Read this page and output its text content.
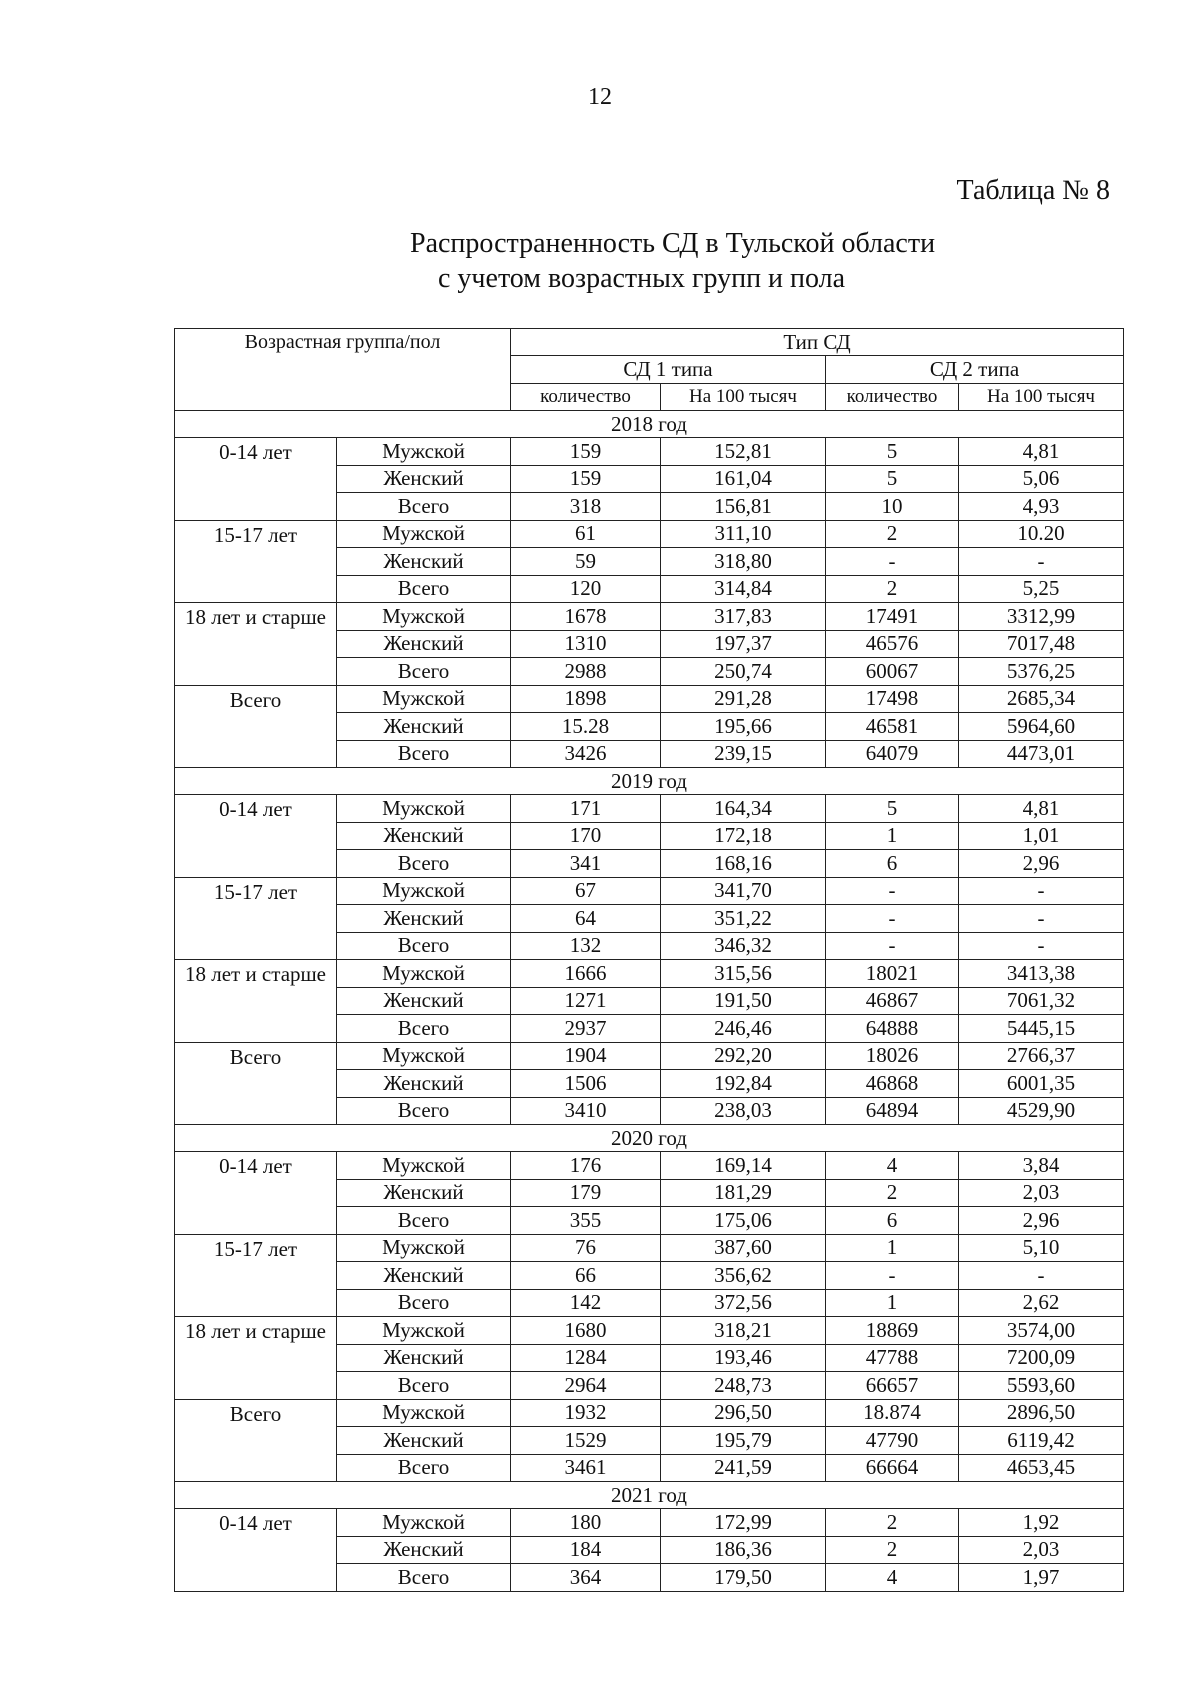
12
Таблица № 8
Распространенность СД в Тульской области
с учетом возрастных групп и пола
Возрастная группа/пол		Тип СД			
		СД 1 типа		СД 2 типа	
		количество	На 100 тысяч	количество	На 100 тысяч
2018 год					
0-14 лет	Мужской	159	152,81	5	4,81
	Женский	159	161,04	5	5,06
	Всего	318	156,81	10	4,93
15-17 лет	Мужской	61	311,10	2	10.20
	Женский	59	318,80	-	-
	Всего	120	314,84	2	5,25
18 лет и старше	Мужской	1678	317,83	17491	3312,99
	Женский	1310	197,37	46576	7017,48
	Всего	2988	250,74	60067	5376,25
Всего	Мужской	1898	291,28	17498	2685,34
	Женский	15.28	195,66	46581	5964,60
	Всего	3426	239,15	64079	4473,01
2019 год					
0-14 лет	Мужской	171	164,34	5	4,81
	Женский	170	172,18	1	1,01
	Всего	341	168,16	6	2,96
15-17 лет	Мужской	67	341,70	-	-
	Женский	64	351,22	-	-
	Всего	132	346,32	-	-
18 лет и старше	Мужской	1666	315,56	18021	3413,38
	Женский	1271	191,50	46867	7061,32
	Всего	2937	246,46	64888	5445,15
Всего	Мужской	1904	292,20	18026	2766,37
	Женский	1506	192,84	46868	6001,35
	Всего	3410	238,03	64894	4529,90
2020 год					
0-14 лет	Мужской	176	169,14	4	3,84
	Женский	179	181,29	2	2,03
	Всего	355	175,06	6	2,96
15-17 лет	Мужской	76	387,60	1	5,10
	Женский	66	356,62	-	-
	Всего	142	372,56	1	2,62
18 лет и старше	Мужской	1680	318,21	18869	3574,00
	Женский	1284	193,46	47788	7200,09
	Всего	2964	248,73	66657	5593,60
Всего	Мужской	1932	296,50	18.874	2896,50
	Женский	1529	195,79	47790	6119,42
	Всего	3461	241,59	66664	4653,45
2021 год					
0-14 лет	Мужской	180	172,99	2	1,92
	Женский	184	186,36	2	2,03
	Всего	364	179,50	4	1,97
